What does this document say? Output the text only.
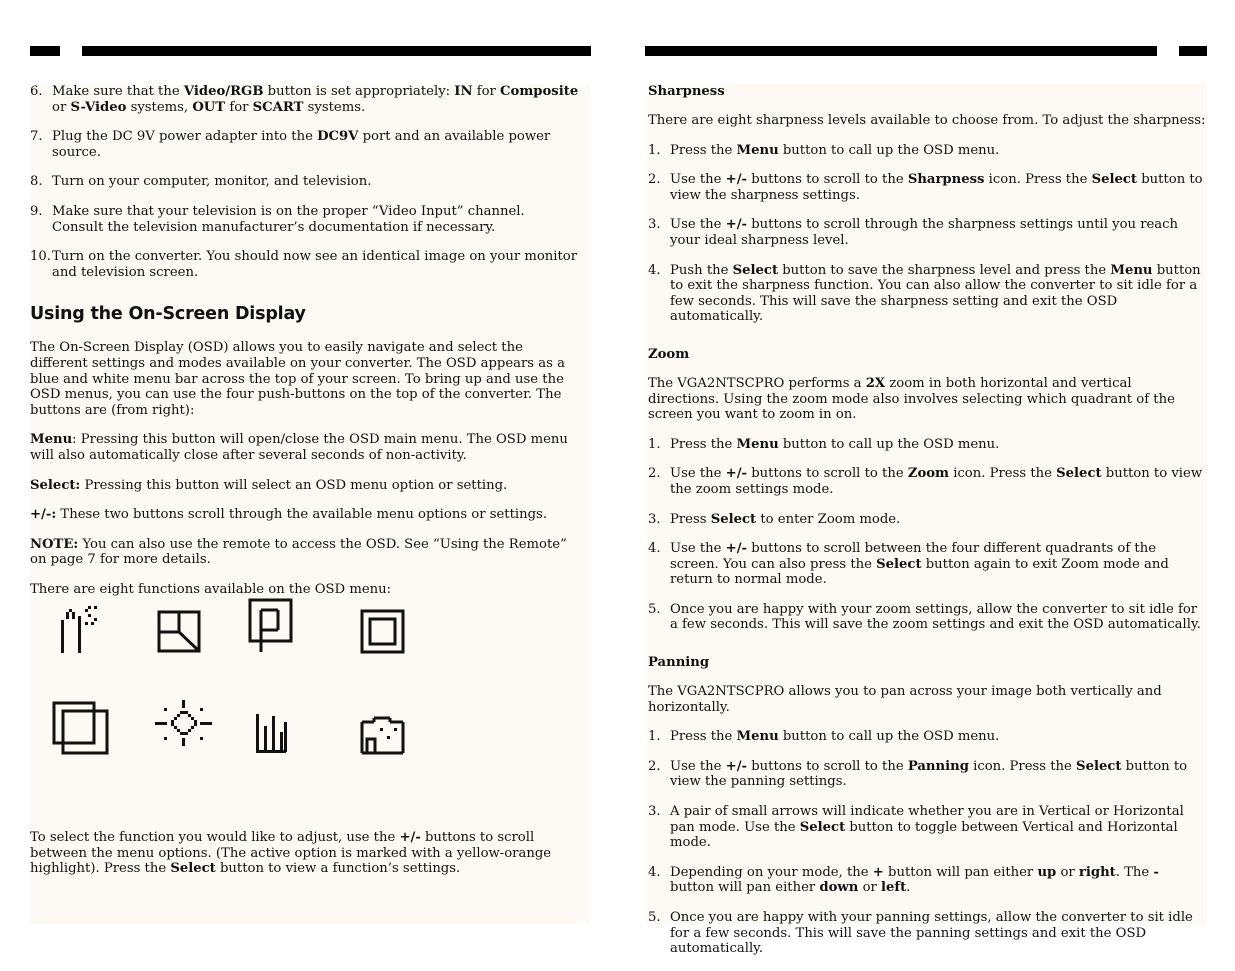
6. Make sure that the Video/RGB button is set appropriately: IN for Composite or S-Video systems, OUT for SCART systems.
7. Plug the DC 9V power adapter into the DC9V port and an available power source.
8. Turn on your computer, monitor, and television.
9. Make sure that your television is on the proper “Video Input” channel. Consult the television manufacturer’s documentation if necessary.
10. Turn on the converter. You should now see an identical image on your monitor and television screen.
Using the On-Screen Display

The On-Screen Display (OSD) allows you to easily navigate and select the different settings and modes available on your converter. The OSD appears as a blue and white menu bar across the top of your screen. To bring up and use the OSD menus, you can use the four push-buttons on the top of the converter. The buttons are (from right):

Menu: Pressing this button will open/close the OSD main menu. The OSD menu will also automatically close after several seconds of non-activity.

Select: Pressing this button will select an OSD menu option or setting.

+/-: These two buttons scroll through the available menu options or settings.

NOTE: You can also use the remote to access the OSD. See “Using the Remote” on page 7 for more details.

There are eight functions available on the OSD menu:

To select the function you would like to adjust, use the +/- buttons to scroll between the menu options. (The active option is marked with a yellow-orange highlight). Press the Select button to view a function’s settings.

Sharpness

There are eight sharpness levels available to choose from. To adjust the sharpness:

1. Press the Menu button to call up the OSD menu.
2. Use the +/- buttons to scroll to the Sharpness icon. Press the Select button to view the sharpness settings.
3. Use the +/- buttons to scroll through the sharpness settings until you reach your ideal sharpness level.
4. Push the Select button to save the sharpness level and press the Menu button to exit the sharpness function. You can also allow the converter to sit idle for a few seconds. This will save the sharpness setting and exit the OSD automatically.
Zoom

The VGA2NTSCPRO performs a 2X zoom in both horizontal and vertical directions. Using the zoom mode also involves selecting which quadrant of the screen you want to zoom in on.

1. Press the Menu button to call up the OSD menu.
2. Use the +/- buttons to scroll to the Zoom icon. Press the Select button to view the zoom settings mode.
3. Press Select to enter Zoom mode.
4. Use the +/- buttons to scroll between the four different quadrants of the screen. You can also press the Select button again to exit Zoom mode and return to normal mode.
5. Once you are happy with your zoom settings, allow the converter to sit idle for a few seconds. This will save the zoom settings and exit the OSD automatically.
Panning

The VGA2NTSCPRO allows you to pan across your image both vertically and horizontally.

1. Press the Menu button to call up the OSD menu.
2. Use the +/- buttons to scroll to the Panning icon. Press the Select button to view the panning settings.
3. A pair of small arrows will indicate whether you are in Vertical or Horizontal pan mode. Use the Select button to toggle between Vertical and Horizontal mode.
4. Depending on your mode, the + button will pan either up or right. The - button will pan either down or left.
5. Once you are happy with your panning settings, allow the converter to sit idle for a few seconds. This will save the panning settings and exit the OSD automatically.
